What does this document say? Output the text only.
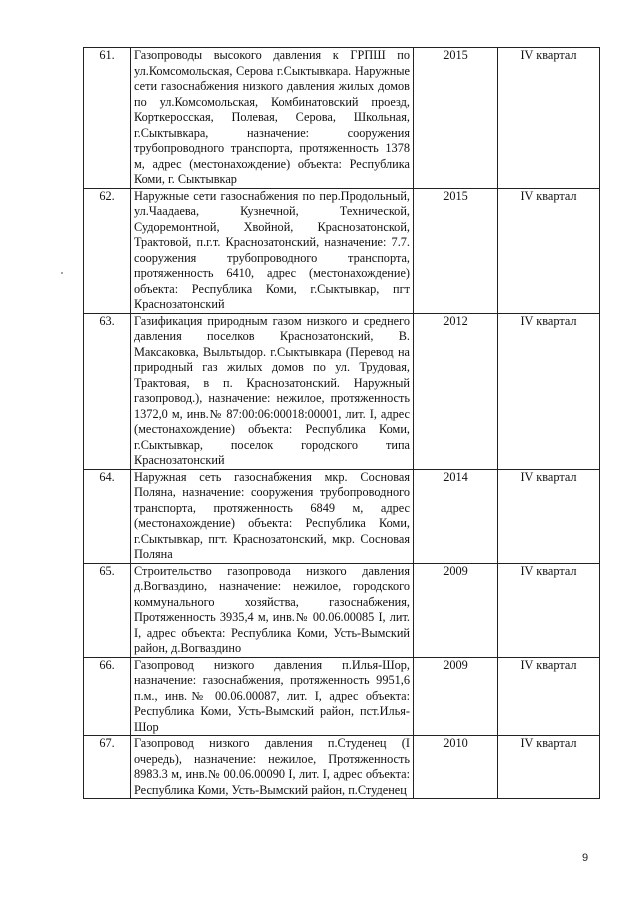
61.	Газопроводы высокого давления к ГРПШ по ул.Комсомольская, Серова г.Сыктывкара. Наружные сети газоснабжения низкого давления жилых домов по ул.Комсомольская, Комбинатовский проезд, Корткеросская, Полевая, Серова, Школьная, г.Сыктывкара, назначение: сооружения трубопроводного транспорта, протяженность 1378 м, адрес (местонахождение) объекта: Республика Коми, г. Сыктывкар	2015	IV квартал
62.	Наружные сети газоснабжения по пер.Продольный, ул.Чаадаева, Кузнечной, Технической, Судоремонтной, Хвойной, Краснозатонской, Трактовой, п.г.т. Краснозатонский, назначение: 7.7. сооружения трубопроводного транспорта, протяженность 6410, адрес (местонахождение) объекта: Республика Коми, г.Сыктывкар, пгт Краснозатонский	2015	IV квартал
63.	Газификация природным газом низкого и среднего давления поселков Краснозатонский, В. Максаковка, Выльтыдор. г.Сыктывкара (Перевод на природный газ жилых домов по ул. Трудовая, Трактовая, в п. Краснозатонский. Наружный газопровод.), назначение: нежилое, протяженность 1372,0 м, инв.№ 87:00:06:00018:00001, лит. I, адрес (местонахождение) объекта: Республика Коми, г.Сыктывкар, поселок городского типа Краснозатонский	2012	IV квартал
64.	Наружная сеть газоснабжения мкр. Сосновая Поляна, назначение: сооружения трубопроводного транспорта, протяженность 6849 м, адрес (местонахождение) объекта: Республика Коми, г.Сыктывкар, пгт. Краснозатонский, мкр. Сосновая Поляна	2014	IV квартал
65.	Строительство газопровода низкого давления д.Вогваздино, назначение: нежилое, городского коммунального хозяйства, газоснабжения, Протяженность 3935,4 м, инв.№ 00.06.00085 I, лит. I, адрес объекта: Республика Коми, Усть-Вымский район, д.Вогваздино	2009	IV квартал
66.	Газопровод низкого давления п.Илья-Шор, назначение: газоснабжения, протяженность 9951,6 п.м., инв.№ 00.06.00087, лит. I, адрес объекта: Республика Коми, Усть-Вымский район, пст.Илья-Шор	2009	IV квартал
67.	Газопровод низкого давления п.Студенец (I очередь), назначение: нежилое, Протяженность 8983.3 м, инв.№ 00.06.00090 I, лит. I, адрес объекта: Республика Коми, Усть-Вымский район, п.Студенец	2010	IV квартал
9
